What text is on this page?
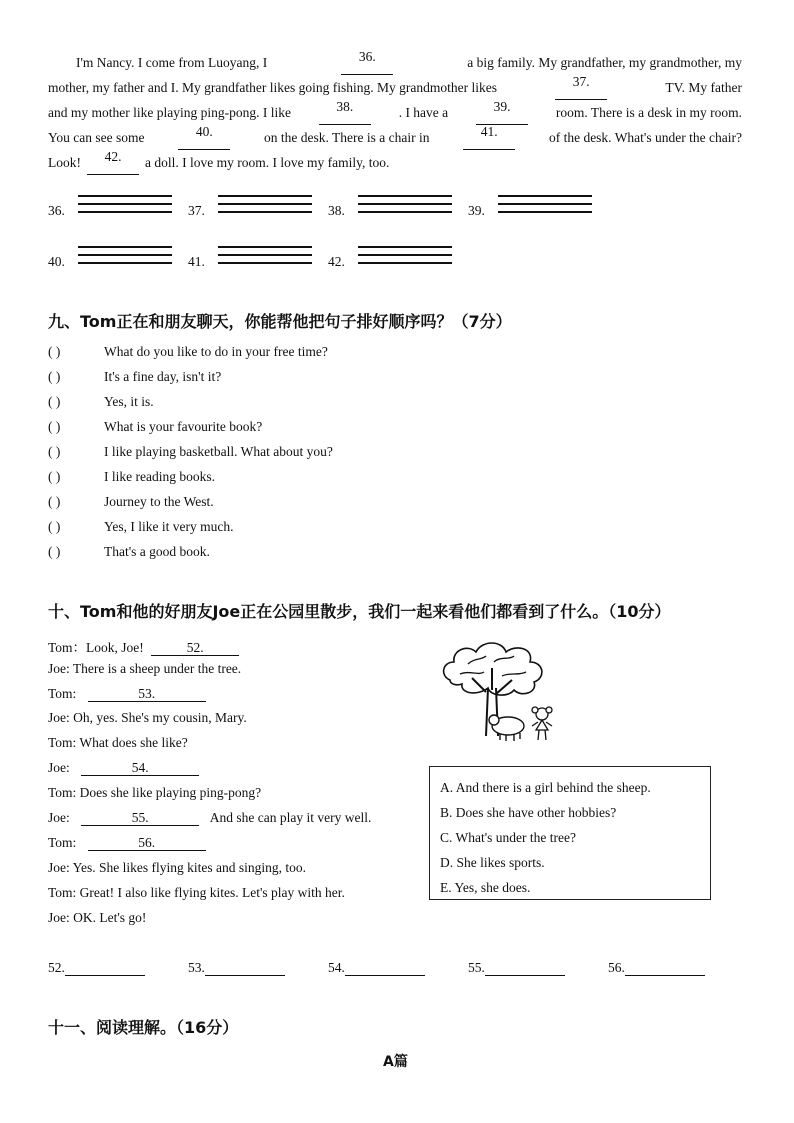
I'm Nancy. I come from Luoyang, I	36.	a big family. My grandfather, my grandmother, my
mother, my father and I. My grandfather likes going fishing. My grandmother likes	37.	TV. My father
and my mother like playing ping-pong. I like	38.	. I have a	39.	room. There is a desk in my room.
You can see some	40.	on the desk. There is a chair in	41.	of the desk. What's under the chair?
Look!	42.	a doll. I love my room. I love my family, too.
36.	37.	38.	39.
40.	41.	42.
九、Tom正在和朋友聊天，你能帮他把句子排好顺序吗？（7分）
( )	What do you like to do in your free time?
( )	It's a fine day, isn't it?
( )	Yes, it is.
( )	What is your favourite book?
( )	I like playing basketball. What about you?
( )	I like reading books.
( )	Journey to the West.
( )	Yes, I like it very much.
( )	That's a good book.
十、Tom和他的好朋友Joe正在公园里散步，我们一起来看他们都看到了什么。（10分）
Tom：Look, Joe!	52.
Joe: There is a sheep under the tree.
Tom:	53.
Joe: Oh, yes. She's my cousin, Mary.
Tom: What does she like?
Joe:	54.
Tom: Does she like playing ping-pong?
Joe:	55.	And she can play it very well.
Tom:	56.
Joe: Yes. She likes flying kites and singing, too.
Tom: Great! I also like flying kites. Let's play with her.
Joe: OK. Let's go!
A. And there is a girl behind the sheep.
B. Does she have other hobbies?
C. What's under the tree?
D. She likes sports.
E. Yes, she does.
52.	53.	54.	55.	56.
十一、阅读理解。（16分）
A篇
